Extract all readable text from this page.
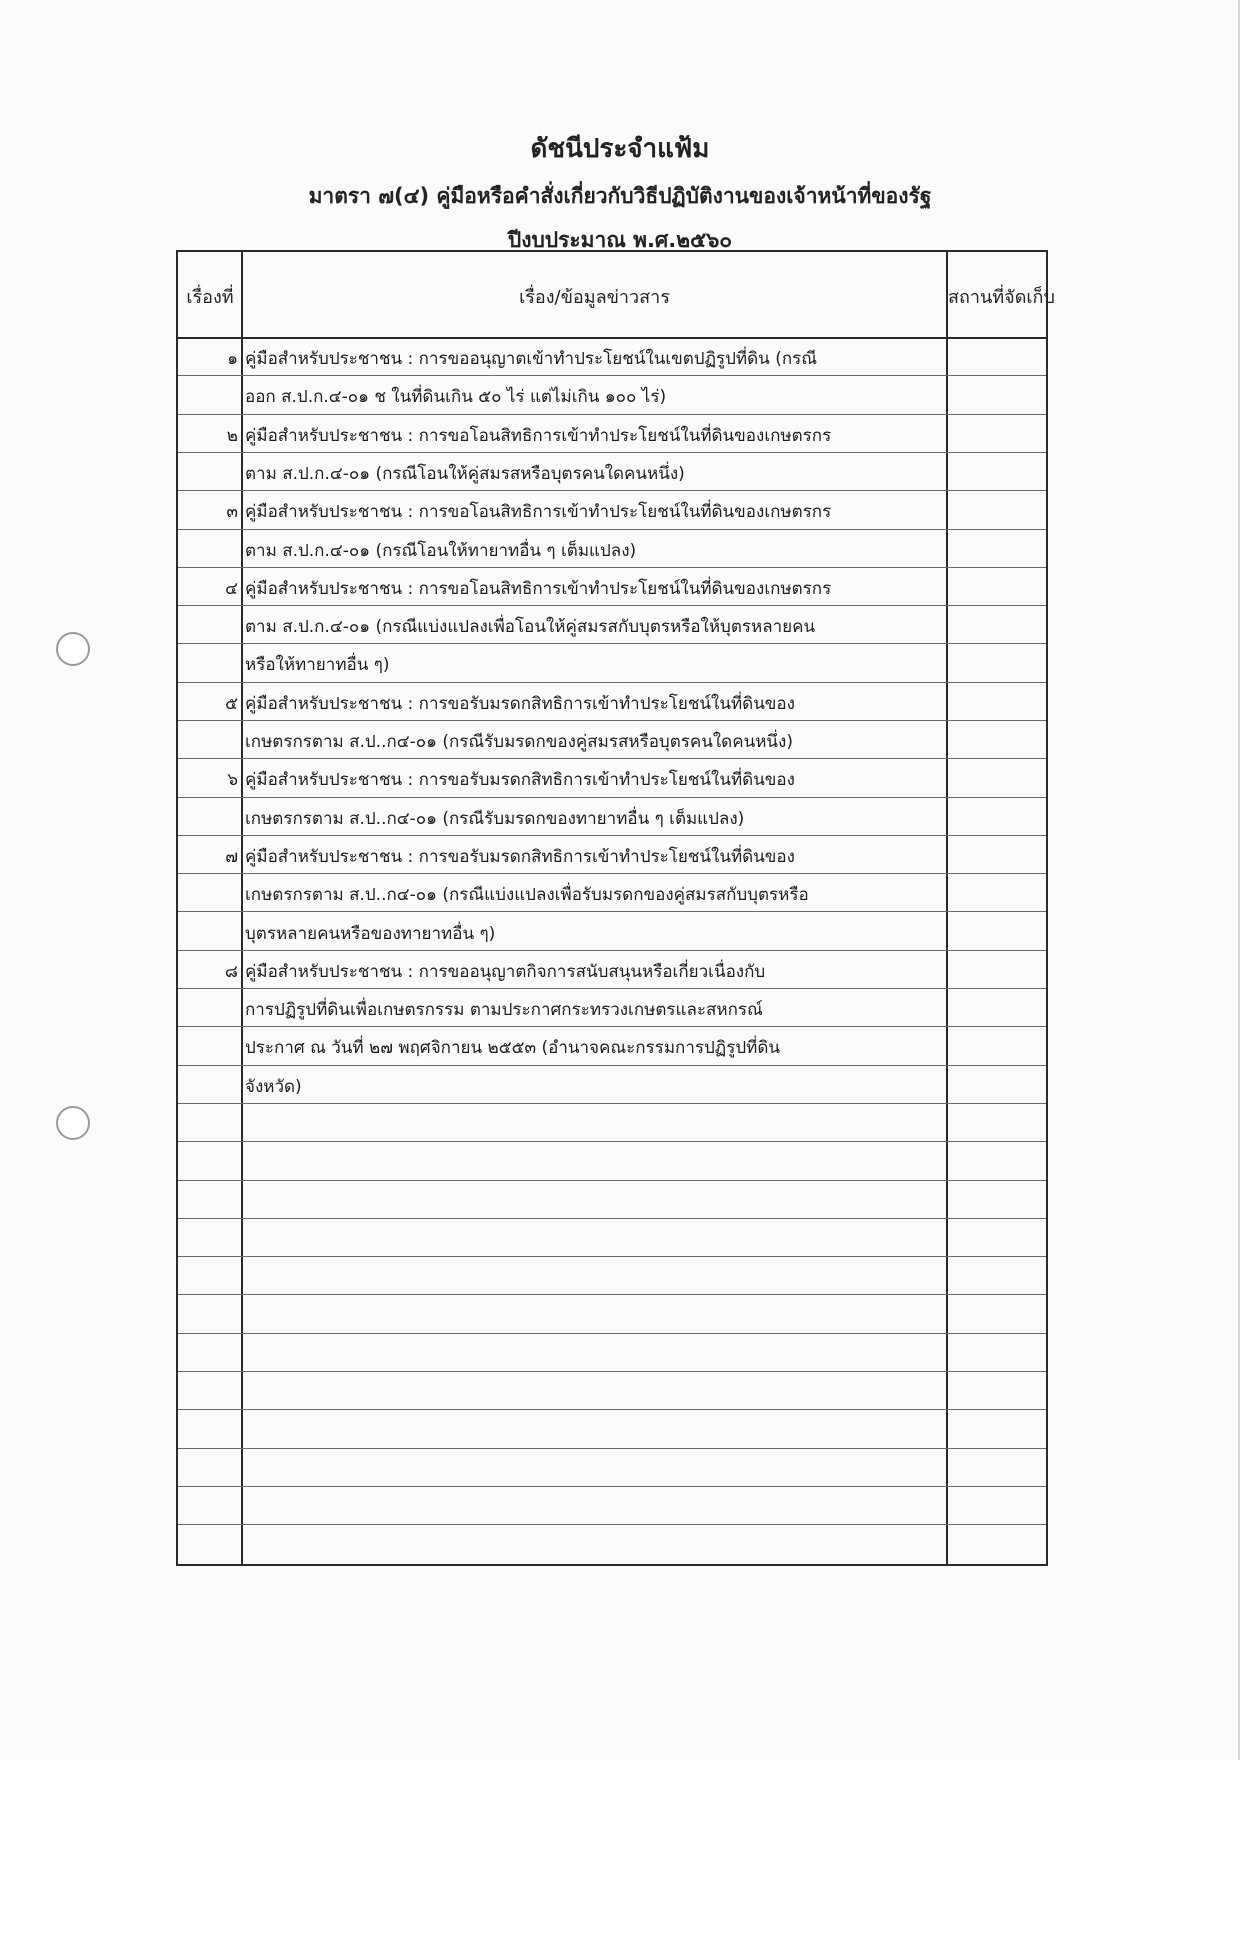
ดัชนีประจำแฟ้ม
มาตรา ๗(๔) คู่มือหรือคำสั่งเกี่ยวกับวิธีปฏิบัติงานของเจ้าหน้าที่ของรัฐ
ปีงบประมาณ พ.ศ.๒๕๖๐
เรื่องที่	เรื่อง/ข้อมูลข่าวสาร	สถานที่จัดเก็บ
๑ คู่มือสำหรับประชาชน : การขออนุญาตเข้าทำประโยชน์ในเขตปฏิรูปที่ดิน (กรณี
ออก ส.ป.ก.๔-๐๑ ช ในที่ดินเกิน ๕๐ ไร่ แต่ไม่เกิน ๑๐๐ ไร่)
๒ คู่มือสำหรับประชาชน : การขอโอนสิทธิการเข้าทำประโยชน์ในที่ดินของเกษตรกร
ตาม ส.ป.ก.๔-๐๑ (กรณีโอนให้คู่สมรสหรือบุตรคนใดคนหนึ่ง)
๓ คู่มือสำหรับประชาชน : การขอโอนสิทธิการเข้าทำประโยชน์ในที่ดินของเกษตรกร
ตาม ส.ป.ก.๔-๐๑ (กรณีโอนให้ทายาทอื่น ๆ เต็มแปลง)
๔ คู่มือสำหรับประชาชน : การขอโอนสิทธิการเข้าทำประโยชน์ในที่ดินของเกษตรกร
ตาม ส.ป.ก.๔-๐๑ (กรณีแบ่งแปลงเพื่อโอนให้คู่สมรสกับบุตรหรือให้บุตรหลายคน
หรือให้ทายาทอื่น ๆ)
๕ คู่มือสำหรับประชาชน : การขอรับมรดกสิทธิการเข้าทำประโยชน์ในที่ดินของ
เกษตรกรตาม ส.ป..ก๔-๐๑ (กรณีรับมรดกของคู่สมรสหรือบุตรคนใดคนหนึ่ง)
๖ คู่มือสำหรับประชาชน : การขอรับมรดกสิทธิการเข้าทำประโยชน์ในที่ดินของ
เกษตรกรตาม ส.ป..ก๔-๐๑ (กรณีรับมรดกของทายาทอื่น ๆ เต็มแปลง)
๗ คู่มือสำหรับประชาชน : การขอรับมรดกสิทธิการเข้าทำประโยชน์ในที่ดินของ
เกษตรกรตาม ส.ป..ก๔-๐๑ (กรณีแบ่งแปลงเพื่อรับมรดกของคู่สมรสกับบุตรหรือ
บุตรหลายคนหรือของทายาทอื่น ๆ)
๘ คู่มือสำหรับประชาชน : การขออนุญาตกิจการสนับสนุนหรือเกี่ยวเนื่องกับ
การปฏิรูปที่ดินเพื่อเกษตรกรรม ตามประกาศกระทรวงเกษตรและสหกรณ์
ประกาศ ณ วันที่ ๒๗ พฤศจิกายน ๒๕๕๓ (อำนาจคณะกรรมการปฏิรูปที่ดิน
จังหวัด)
